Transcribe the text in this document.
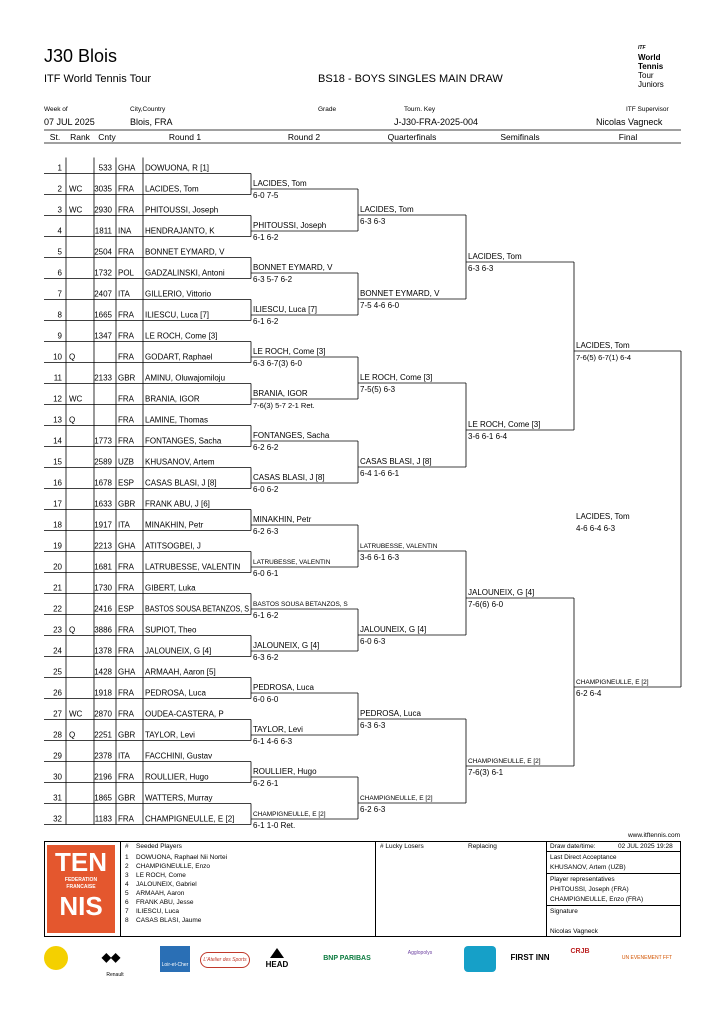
J30 Blois
ITF World Tennis Tour	BS18 - BOYS SINGLES MAIN DRAW
ITF
World
Tennis
Tour
Juniors
Week of
07 JUL 2025
City,Country
Blois, FRA
Grade	Tourn. Key
J-J30-FRA-2025-004
ITF Supervisor
Nicolas Vagneck
St. Rank Cnty	Round 1	Round 2	Quarterfinals	Semifinals	Final
1	533 GHA DOWUONA, R [1]
2 WC 3035 FRA LACIDES, Tom
3 WC 2930 FRA PHITOUSSI, Joseph
4	1811 INA HENDRAJANTO, K
5	2504 FRA BONNET EYMARD, V
6	1732 POL GADZALINSKI, Antoni
7	2407 ITA GILLERIO, Vittorio
8	1665 FRA ILIESCU, Luca [7]
9	1347 FRA LE ROCH, Come [3]
10 Q	FRA GODART, Raphael
11	2133 GBR AMINU, Oluwajomiloju
12 WC	FRA BRANIA, IGOR
13 Q	FRA LAMINE, Thomas
14	1773 FRA FONTANGES, Sacha
15	2589 UZB KHUSANOV, Artem
16	1678 ESP CASAS BLASI, J [8]
17	1633 GBR FRANK ABU, J [6]
18	1917 ITA MINAKHIN, Petr
19	2213 GHA ATITSOGBEI, J
20	1681 FRA LATRUBESSE, VALENTIN
21	1730 FRA GIBERT, Luka
22	2416 ESP BASTOS SOUSA BETANZOS, S
23 Q 3886 FRA SUPIOT, Theo
24	1378 FRA JALOUNEIX, G [4]
25	1428 GHA ARMAAH, Aaron [5]
26	1918 FRA PEDROSA, Luca
27 WC 2870 FRA OUDEA-CASTERA, P
28 Q 2251 GBR TAYLOR, Levi
29	2378 ITA FACCHINI, Gustav
30	2196 FRA ROULLIER, Hugo
31	1865 GBR WATTERS, Murray
32	1183 FRA CHAMPIGNEULLE, E [2]
LACIDES, Tom
6-0 7-5
PHITOUSSI, Joseph
6-1 6-2
BONNET EYMARD, V
6-3 5-7 6-2
ILIESCU, Luca [7]
6-1 6-2
LE ROCH, Come [3]
6-3 6-7(3) 6-0
BRANIA, IGOR
7-6(3) 5-7 2-1 Ret.
FONTANGES, Sacha
6-2 6-2
CASAS BLASI, J [8]
6-0 6-2
MINAKHIN, Petr
6-2 6-3
LATRUBESSE, VALENTIN
6-0 6-1
BASTOS SOUSA BETANZOS, S
6-1 6-2
JALOUNEIX, G [4]
6-3 6-2
PEDROSA, Luca
6-0 6-0
TAYLOR, Levi
6-1 4-6 6-3
ROULLIER, Hugo
6-2 6-1
CHAMPIGNEULLE, E [2]
6-1 1-0 Ret.
LACIDES, Tom
6-3 6-3
BONNET EYMARD, V
7-5 4-6 6-0
LE ROCH, Come [3]
7-5(5) 6-3
CASAS BLASI, J [8]
6-4 1-6 6-1
LATRUBESSE, VALENTIN
3-6 6-1 6-3
JALOUNEIX, G [4]
6-0 6-3
PEDROSA, Luca
6-3 6-3
CHAMPIGNEULLE, E [2]
6-2 6-3
LACIDES, Tom
6-3 6-3
LE ROCH, Come [3]
3-6 6-1 6-4
JALOUNEIX, G [4]
7-6(6) 6-0
CHAMPIGNEULLE, E [2]
7-6(3) 6-1
LACIDES, Tom
7-6(5) 6-7(1) 6-4
CHAMPIGNEULLE, E [2]
6-2 6-4
LACIDES, Tom
4-6 6-4 6-3
www.itftennis.com
TEN
FEDERATION
FRANCAISE
NIS
# Seeded Players
1 DOWUONA, Raphael Nii Nortei
2 CHAMPIGNEULLE, Enzo
3 LE ROCH, Come
4 JALOUNEIX, Gabriel
5 ARMAAH, Aaron
6 FRANK ABU, Jesse
7 ILIESCU, Luca
8 CASAS BLASI, Jaume
# Lucky Losers	Replacing	Draw date/time:	02 JUL 2025 19:28
Last Direct Acceptance
KHUSANOV, Artem (UZB)
Player representatives
PHITOUSSI, Joseph (FRA)
CHAMPIGNEULLE, Enzo (FRA)
Signature
Nicolas Vagneck
◆◆
Renault
Loir-et-Cher
L'Atelier des Sports	HEAD
BNP PARIBAS
Agglopolys	FIRST INN
CRJB
UN EVENEMENT FFT
